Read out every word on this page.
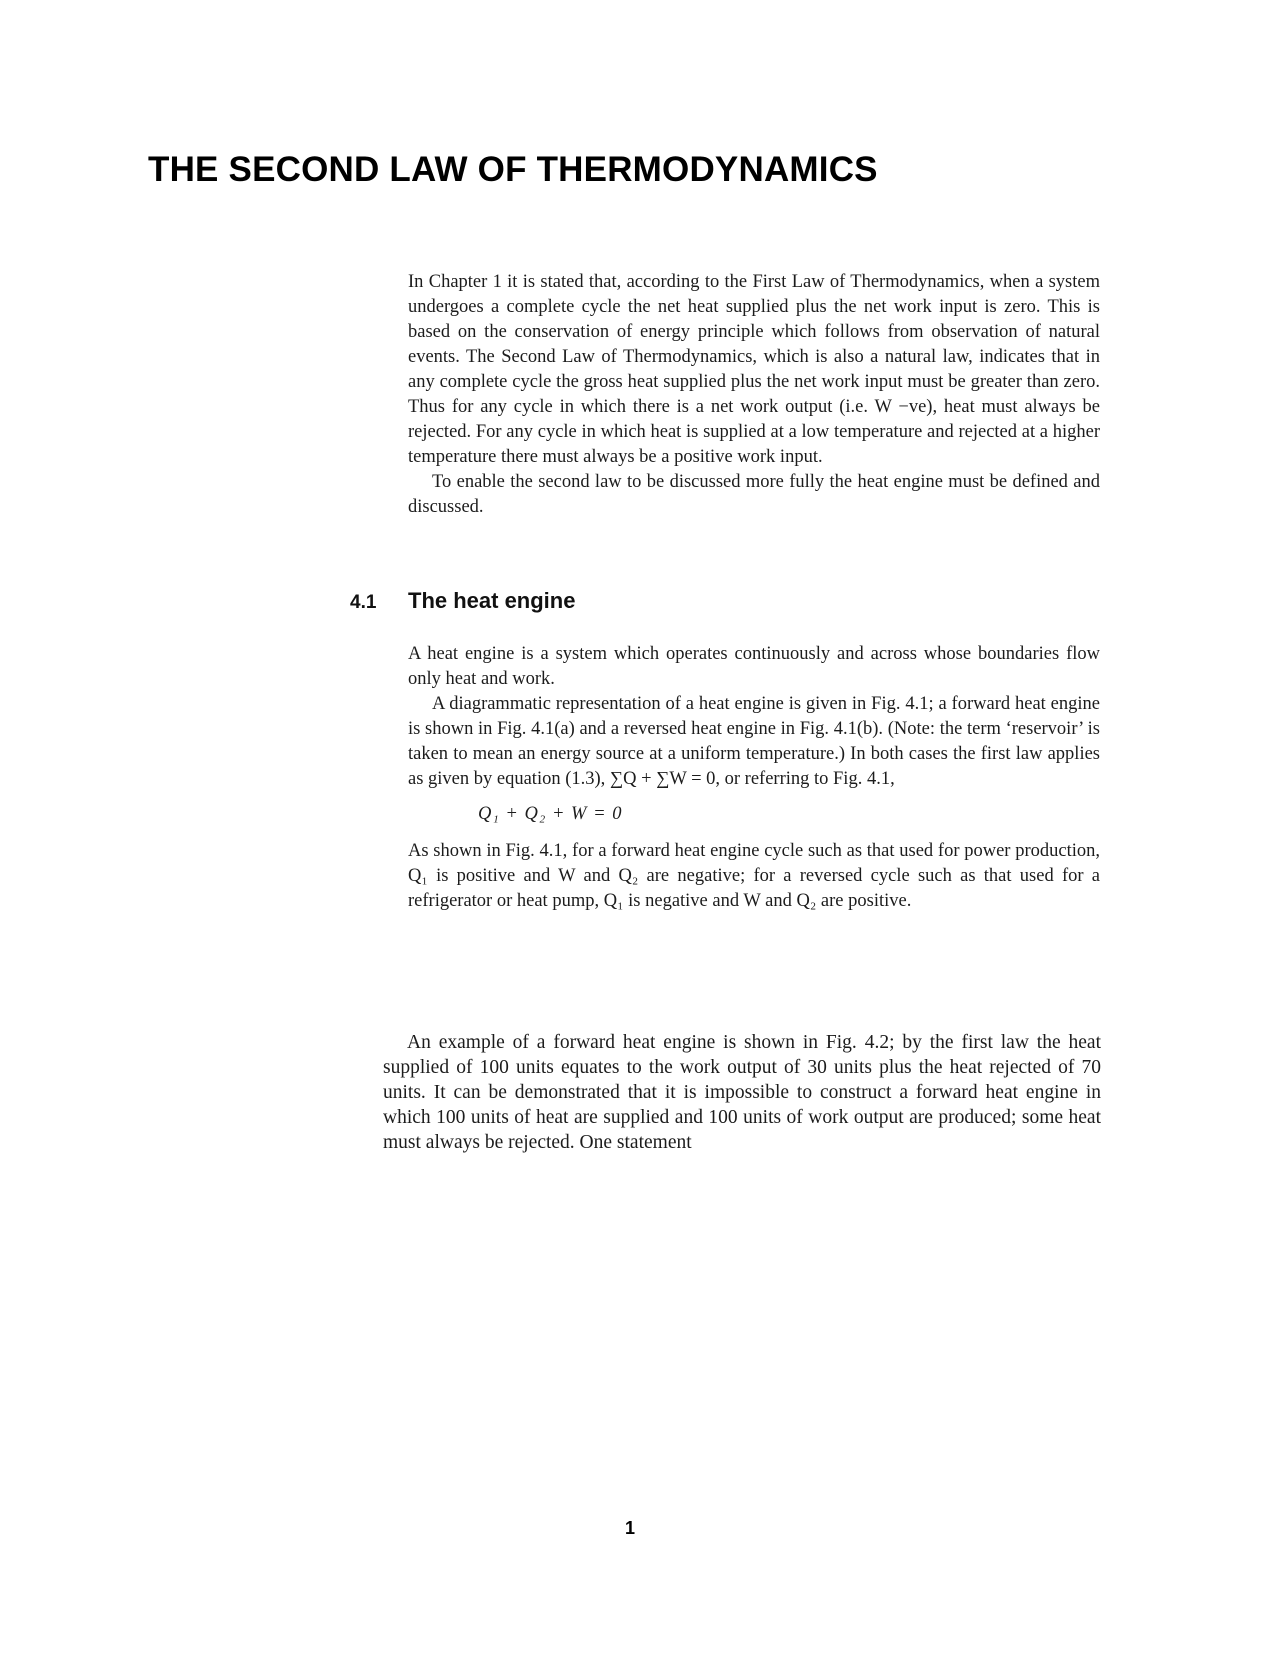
THE SECOND LAW OF THERMODYNAMICS

In Chapter 1 it is stated that, according to the First Law of Thermodynamics, when a system undergoes a complete cycle the net heat supplied plus the net work input is zero. This is based on the conservation of energy principle which follows from observation of natural events. The Second Law of Thermodynamics, which is also a natural law, indicates that in any complete cycle the gross heat supplied plus the net work input must be greater than zero. Thus for any cycle in which there is a net work output (i.e. W −ve), heat must always be rejected. For any cycle in which heat is supplied at a low temperature and rejected at a higher temperature there must always be a positive work input.

To enable the second law to be discussed more fully the heat engine must be defined and discussed.

4.1 The heat engine

A heat engine is a system which operates continuously and across whose boundaries flow only heat and work.

A diagrammatic representation of a heat engine is given in Fig. 4.1; a forward heat engine is shown in Fig. 4.1(a) and a reversed heat engine in Fig. 4.1(b). (Note: the term ‘reservoir’ is taken to mean an energy source at a uniform temperature.) In both cases the first law applies as given by equation (1.3), ∑Q + ∑W = 0, or referring to Fig. 4.1,

Q₁ + Q₂ + W = 0

As shown in Fig. 4.1, for a forward heat engine cycle such as that used for power production, Q₁ is positive and W and Q₂ are negative; for a reversed cycle such as that used for a refrigerator or heat pump, Q₁ is negative and W and Q₂ are positive.

An example of a forward heat engine is shown in Fig. 4.2; by the first law the heat supplied of 100 units equates to the work output of 30 units plus the heat rejected of 70 units. It can be demonstrated that it is impossible to construct a forward heat engine in which 100 units of heat are supplied and 100 units of work output are produced; some heat must always be rejected. One statement

1
